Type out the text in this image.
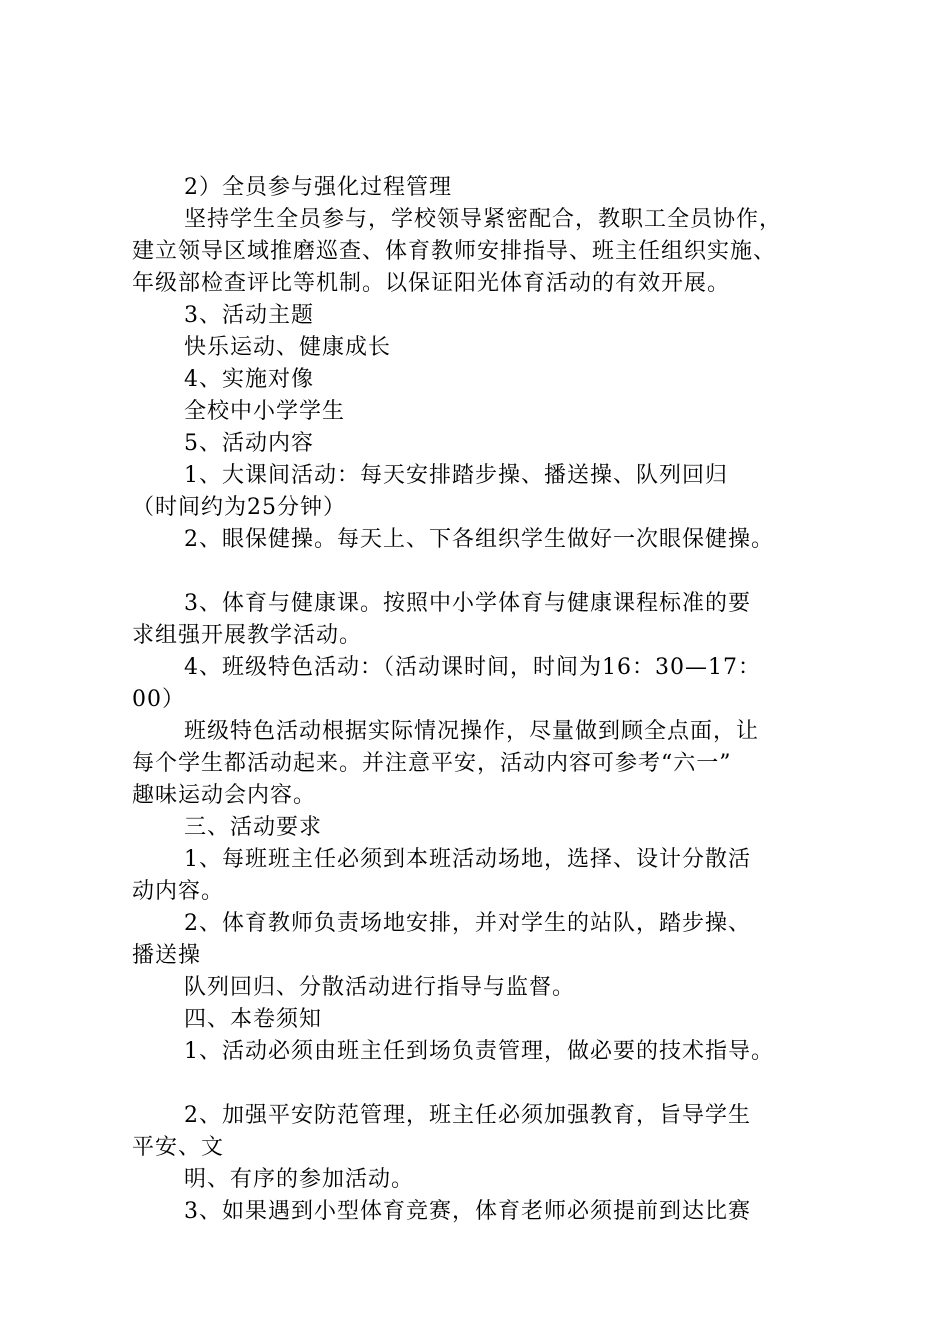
2）全员参与强化过程管理
坚持学生全员参与，学校领导紧密配合，教职工全员协作，
建立领导区域推磨巡查、体育教师安排指导、班主任组织实施、
年级部检查评比等机制。以保证阳光体育活动的有效开展。
3、活动主题
快乐运动、健康成长
4、实施对像
全校中小学学生
5、活动内容
1、大课间活动：每天安排踏步操、播送操、队列回归
（时间约为25分钟）
2、眼保健操。每天上、下各组织学生做好一次眼保健操。
3、体育与健康课。按照中小学体育与健康课程标准的要
求组强开展教学活动。
4、班级特色活动：（活动课时间，时间为16：30—17：
00）
班级特色活动根据实际情况操作，尽量做到顾全点面，让
每个学生都活动起来。并注意平安，活动内容可参考“六一”
趣味运动会内容。
三、活动要求
1、每班班主任必须到本班活动场地，选择、设计分散活
动内容。
2、体育教师负责场地安排，并对学生的站队，踏步操、
播送操
队列回归、分散活动进行指导与监督。
四、本卷须知
1、活动必须由班主任到场负责管理，做必要的技术指导。
2、加强平安防范管理，班主任必须加强教育，旨导学生
平安、文
明、有序的参加活动。
3、如果遇到小型体育竞赛，体育老师必须提前到达比赛
